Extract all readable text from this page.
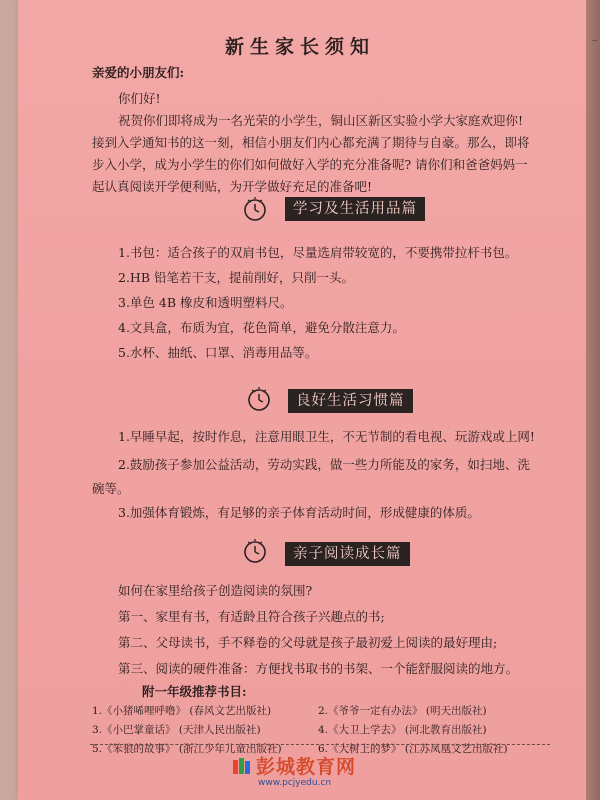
⁻
新生家长须知
亲爱的小朋友们:
你们好!
祝贺你们即将成为一名光荣的小学生，铜山区新区实验小学大家庭欢迎你!
接到入学通知书的这一刻，相信小朋友们内心都充满了期待与自豪。那么，即将
步入小学，成为小学生的你们如何做好入学的充分准备呢? 请你们和爸爸妈妈一
起认真阅读开学便利贴，为开学做好充足的准备吧!
学习及生活用品篇
1.书包：适合孩子的双肩书包，尽量选肩带较宽的，不要携带拉杆书包。
2.HB 铅笔若干支，提前削好，只削一头。
3.单色 4B 橡皮和透明塑料尺。
4.文具盒，布质为宜，花色简单，避免分散注意力。
5.水杯、抽纸、口罩、消毒用品等。
良好生活习惯篇
1.早睡早起，按时作息，注意用眼卫生，不无节制的看电视、玩游戏或上网!
2.鼓励孩子参加公益活动，劳动实践，做一些力所能及的家务，如扫地、洗
碗等。
3.加强体育锻炼，有足够的亲子体育活动时间，形成健康的体质。
亲子阅读成长篇
如何在家里给孩子创造阅读的氛围?
第一、家里有书，有适龄且符合孩子兴趣点的书;
第二、父母读书，手不释卷的父母就是孩子最初爱上阅读的最好理由;
第三、阅读的硬件准备：方便找书取书的书架、一个能舒服阅读的地方。
附一年级推荐书目:
1.《小猪唏哩呼噜》 (春风文艺出版社)	2.《爷爷一定有办法》 (明天出版社)
3.《小巴掌童话》 (天津人民出版社)	4.《大卫上学去》 (河北教育出版社)
5.《笨狼的故事》 (浙江少年儿童出版社)	6.《大树上的梦》 (江苏凤凰文艺出版社)
彭城教育网
www.pcjyedu.cn
